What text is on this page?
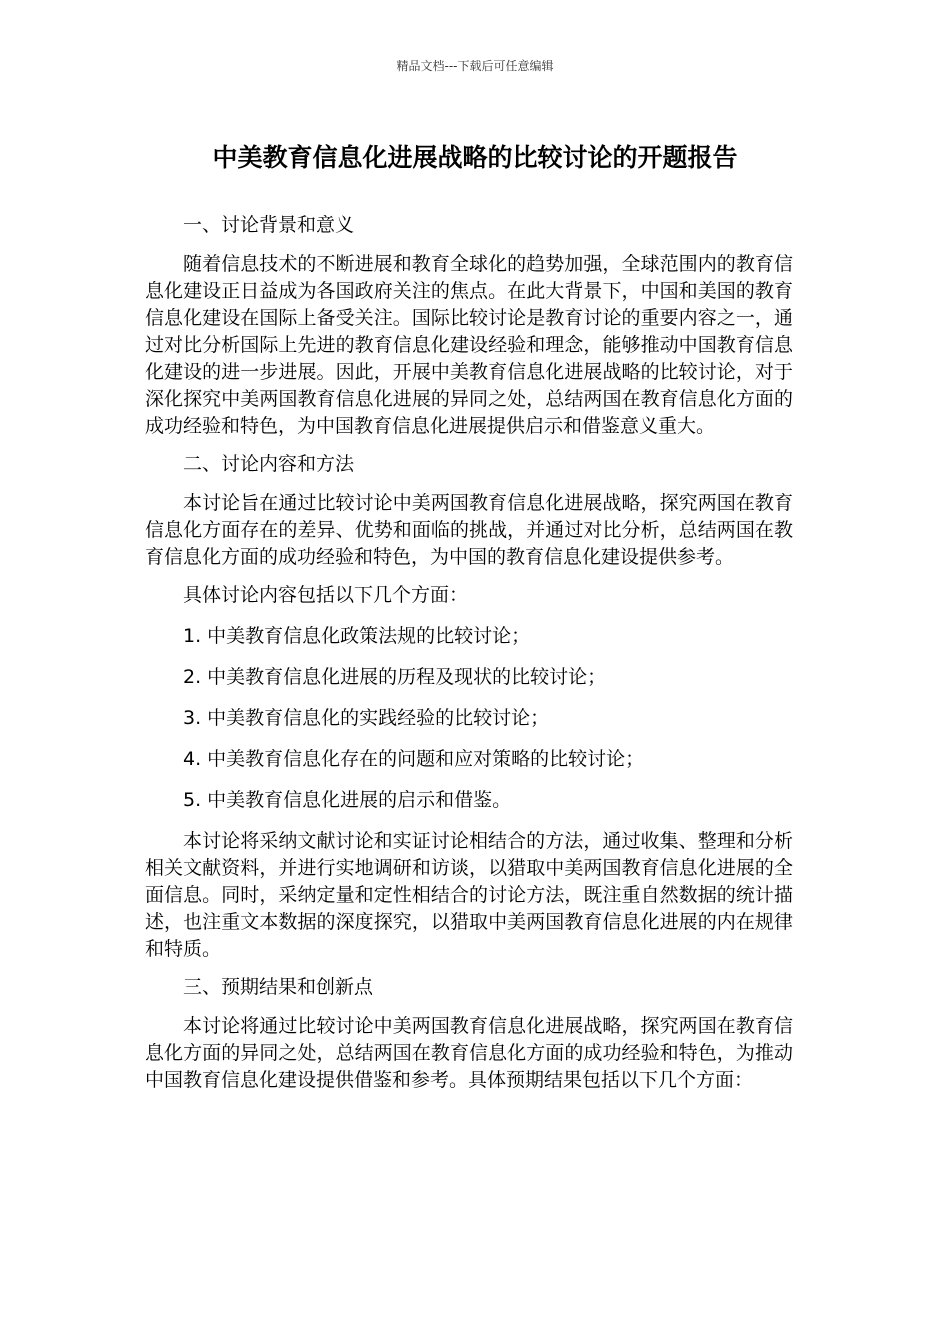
精品文档---下载后可任意编辑
中美教育信息化进展战略的比较讨论的开题报告

一、讨论背景和意义

随着信息技术的不断进展和教育全球化的趋势加强，全球范围内的教育信息化建设正日益成为各国政府关注的焦点。在此大背景下，中国和美国的教育信息化建设在国际上备受关注。国际比较讨论是教育讨论的重要内容之一，通过对比分析国际上先进的教育信息化建设经验和理念，能够推动中国教育信息化建设的进一步进展。因此，开展中美教育信息化进展战略的比较讨论，对于深化探究中美两国教育信息化进展的异同之处，总结两国在教育信息化方面的成功经验和特色，为中国教育信息化进展提供启示和借鉴意义重大。

二、讨论内容和方法

本讨论旨在通过比较讨论中美两国教育信息化进展战略，探究两国在教育信息化方面存在的差异、优势和面临的挑战，并通过对比分析，总结两国在教育信息化方面的成功经验和特色，为中国的教育信息化建设提供参考。

具体讨论内容包括以下几个方面：

1. 中美教育信息化政策法规的比较讨论；

2. 中美教育信息化进展的历程及现状的比较讨论；

3. 中美教育信息化的实践经验的比较讨论；

4. 中美教育信息化存在的问题和应对策略的比较讨论；

5. 中美教育信息化进展的启示和借鉴。

本讨论将采纳文献讨论和实证讨论相结合的方法，通过收集、整理和分析相关文献资料，并进行实地调研和访谈，以猎取中美两国教育信息化进展的全面信息。同时，采纳定量和定性相结合的讨论方法，既注重自然数据的统计描述，也注重文本数据的深度探究，以猎取中美两国教育信息化进展的内在规律和特质。

三、预期结果和创新点

本讨论将通过比较讨论中美两国教育信息化进展战略，探究两国在教育信息化方面的异同之处，总结两国在教育信息化方面的成功经验和特色，为推动中国教育信息化建设提供借鉴和参考。具体预期结果包括以下几个方面：
